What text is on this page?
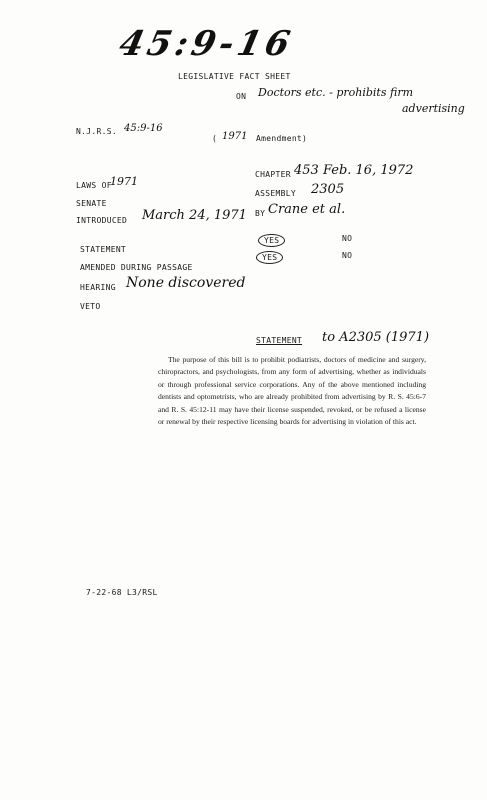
45:9-16
LEGISLATIVE FACT SHEET
ON Doctors etc. - prohibits firm
advertising
N.J.R.S. 45:9-16
( 1971 Amendment)
CHAPTER 453 Feb. 16, 1972
LAWS OF
1971
ASSEMBLY 2305
SENATE
BY Crane et al.
INTRODUCED March 24, 1971
YES	NO
STATEMENT
YES	NO
AMENDED DURING PASSAGE
HEARING None discovered
VETO
STATEMENT to A2305 (1971)
The purpose of this bill is to prohibit podiatrists, doctors of medicine and surgery, chiropractors, and psychologists, from any form of advertising, whether as individuals or through professional service corporations. Any of the above mentioned including dentists and optometrists, who are already prohibited from advertising by R. S. 45:6-7 and R. S. 45:12-11 may have their license suspended, revoked, or be refused a license or renewal by their respective licensing boards for advertising in violation of this act.
7-22-68 L3/RSL
